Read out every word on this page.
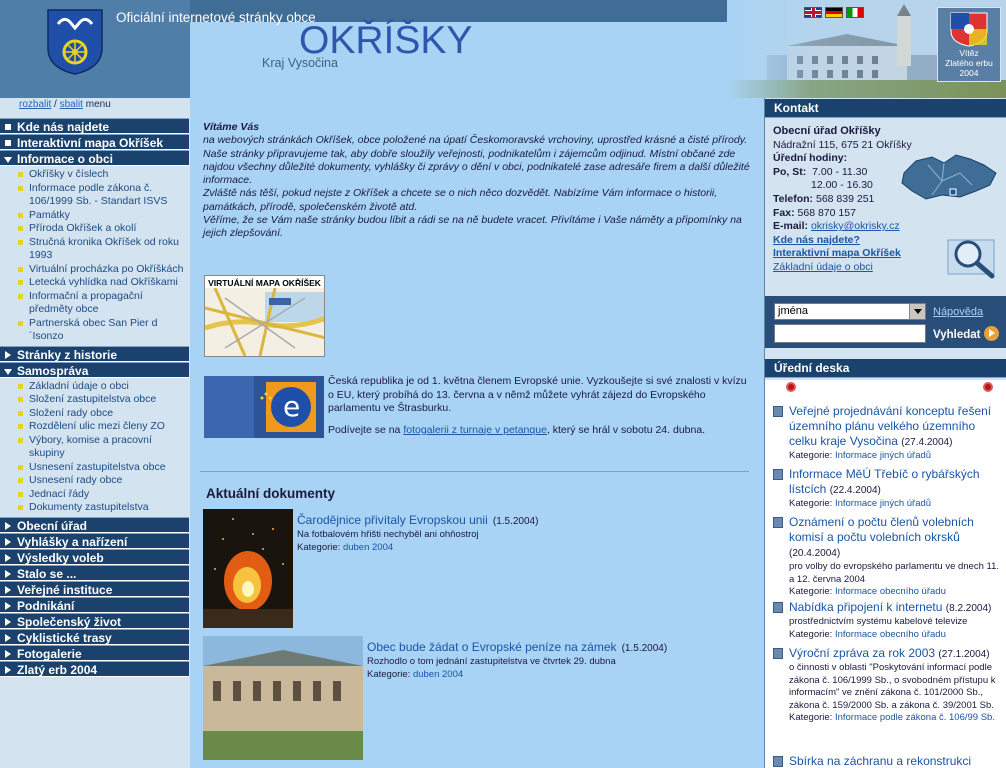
Oficiální internetové stránky obce
OKŘÍŠKY
Kraj Vysočina
Vítěz
Zlatého erbu
2004
rozbalit / sbalit menu
Kde nás najdete
Interaktivní mapa Okříšek
Informace o obci
Okříšky v číslech
Informace podle zákona č. 106/1999 Sb. - Standart ISVS
Památky
Příroda Okříšek a okolí
Stručná kronika Okříšek od roku 1993
Virtuální procházka po Okříškách
Letecká vyhlídka nad Okříškami
Informační a propagační předměty obce
Partnerská obec San Pier d´Isonzo
Stránky z historie
Samospráva
Základní údaje o obci
Složení zastupitelstva obce
Složení rady obce
Rozdělení ulic mezi členy ZO
Výbory, komise a pracovní skupiny
Usnesení zastupitelstva obce
Usnesení rady obce
Jednací řády
Dokumenty zastupitelstva
Obecní úřad
Vyhlášky a nařízení
Výsledky voleb
Stalo se ...
Veřejné instituce
Podnikání
Společenský život
Cyklistické trasy
Fotogalerie
Zlatý erb 2004

Vítáme Vás

na webových stránkách Okříšek, obce položené na úpatí Českomoravské vrchoviny, uprostřed krásné a čisté přírody.

Naše stránky připravujeme tak, aby dobře sloužily veřejnosti, podnikatelům i zájemcům odjinud. Místní občané zde najdou všechny důležité dokumenty, vyhlášky či zprávy o dění v obci, podnikatelé zase adresáře firem a další důležité informace.

Zvláště nás těší, pokud nejste z Okříšek a chcete se o nich něco dozvědět. Nabízíme Vám informace o historii, památkách, přírodě, společenském životě atd.

Věříme, že se Vám naše stránky budou líbit a rádi se na ně budete vracet. Přivítáme i Vaše náměty a připomínky na jejich zlepšování.

VIRTUÁLNÍ MAPA OKŘÍŠEK
e

Česká republika je od 1. května členem Evropské unie. Vyzkoušejte si své znalosti v kvízu o EU, který probíhá do 13. června a v němž můžete vyhrát zájezd do Evropského parlamentu ve Štrasburku.

Podívejte se na fotogalerii z turnaje v petanque, který se hrál v sobotu 24. dubna.

Aktuální dokumenty
Čarodějnice přivítaly Evropskou unii (1.5.2004)
Na fotbalovém hřišti nechyběl ani ohňostroj
Kategorie: duben 2004
Obec bude žádat o Evropské peníze na zámek (1.5.2004)
Rozhodlo o tom jednání zastupitelstva ve čtvrtek 29. dubna
Kategorie: duben 2004
Kontakt
Obecní úřad Okříšky
Nádražní 115, 675 21 Okříšky
Úřední hodiny:
Po, St: 7.00 - 11.30
12.00 - 16.30
Telefon: 568 839 251
Fax: 568 870 157
E-mail: okrisky@okrisky.cz
Kde nás najdete?
Interaktivní mapa Okříšek
Základní údaje o obci
jména	Nápověda
Vyhledat
Úřední deska
Veřejné projednávání konceptu řešení územního plánu velkého územního celku kraje Vysočina (27.4.2004)
Kategorie: Informace jiných úřadů
Informace MěÚ Třebíč o rybářských lístcích (22.4.2004)
Kategorie: Informace jiných úřadů
Oznámení o počtu členů volebních komisí a počtu volebních okrsků (20.4.2004)
pro volby do evropského parlamentu ve dnech 11. a 12. června 2004
Kategorie: Informace obecního úřadu
Nabídka připojení k internetu (8.2.2004)
prostřednictvím systému kabelové televize
Kategorie: Informace obecního úřadu
Výroční zpráva za rok 2003 (27.1.2004)
o činnosti v oblasti "Poskytování informací podle zákona č. 106/1999 Sb., o svobodném přístupu k informacím" ve znění zákona č. 101/2000 Sb., zákona č. 159/2000 Sb. a zákona č. 39/2001 Sb.
Kategorie: Informace podle zákona č. 106/99 Sb.
Sbírka na záchranu a rekonstrukci
